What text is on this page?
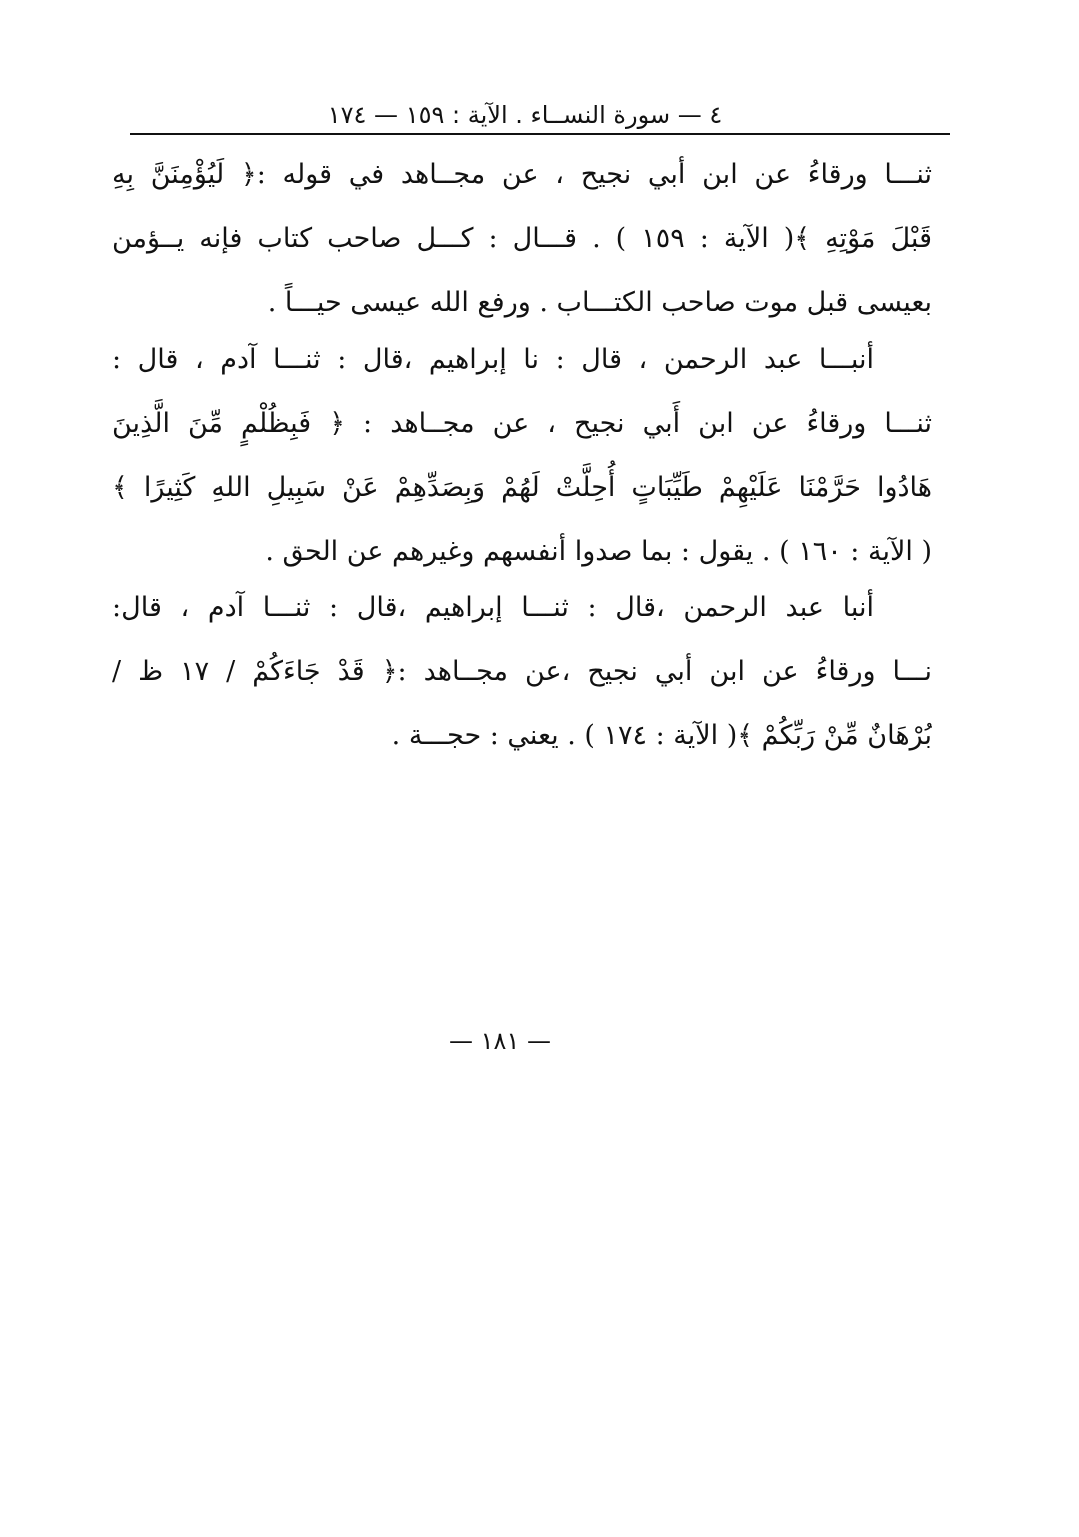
٤ — سورة النســاء . الآية : ١٥٩ — ١٧٤
ثنـــا ورقاءُ عن ابن أبي نجيح ، عن مجــاهد في قوله :﴿ لَيُؤْمِنَنَّ بِهِ
قَبْلَ مَوْتِهِ ﴾( الآية : ١٥٩ ) . قـــال : كـــل صاحب كتاب فإنه يــؤمن
بعيسى قبل موت صاحب الكتـــاب . ورفع الله عيسى حيـــاً .
أنبـــا عبد الرحمن ، قال : نا إبراهيم ،قال : ثنـــا آدم ، قال :
ثنـــا ورقاءُ عن ابن أَبي نجيح ، عن مجــاهد : ﴿ فَبِظُلْمٍ مِّنَ الَّذِينَ
هَادُوا حَرَّمْنَا عَلَيْهِمْ طَيِّبَاتٍ أُحِلَّتْ لَهُمْ وَبِصَدِّهِمْ عَنْ سَبِيلِ اللهِ كَثِيرًا ﴾
( الآية : ١٦٠ ) . يقول : بما صدوا أنفسهم وغيرهم عن الحق .
أنبا عبد الرحمن ،قال : ثنـــا إبراهيم ،قال : ثنـــا آدم ، قال:
نـــا ورقاءُ عن ابن أبي نجيح ،عن مجــاهد :﴿ قَدْ جَاءَكُمْ / ١٧ ظ /
بُرْهَانٌ مِّنْ رَبِّكُمْ ﴾( الآية : ١٧٤ ) . يعني : حجـــة .
— ١٨١ —
